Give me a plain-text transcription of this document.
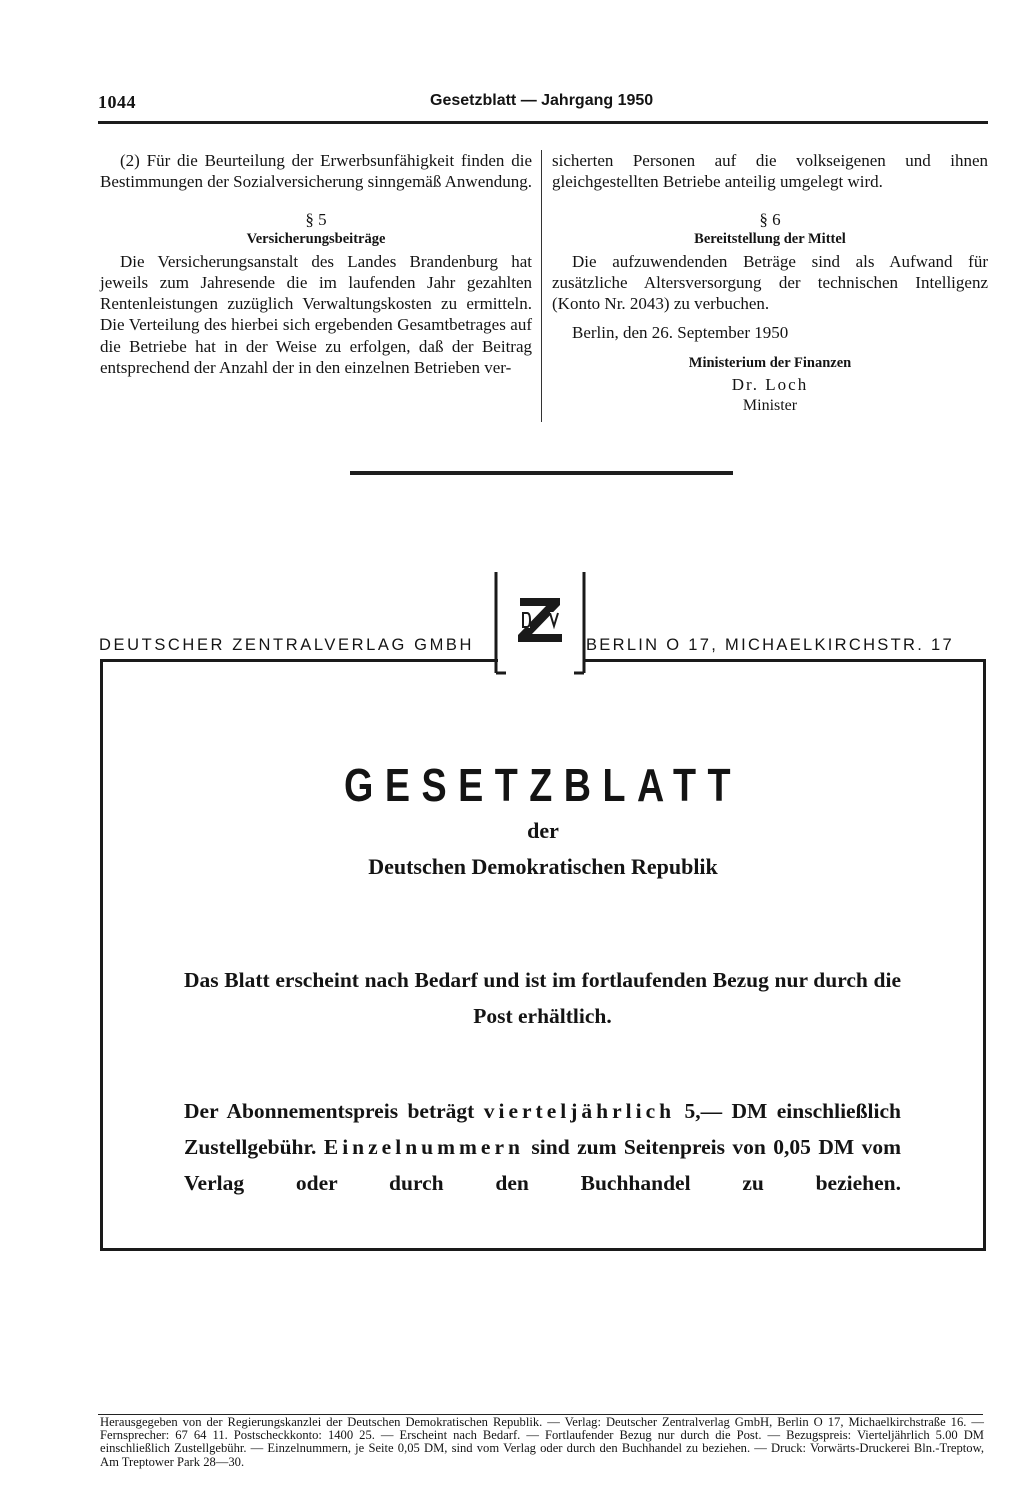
1044	Gesetzblatt — Jahrgang 1950

(2) Für die Beurteilung der Erwerbsunfähigkeit finden die Bestimmungen der Sozialversicherung sinngemäß Anwendung.

§ 5

Versicherungsbeiträge

Die Versicherungsanstalt des Landes Brandenburg hat jeweils zum Jahresende die im laufenden Jahr gezahlten Rentenleistungen zuzüglich Verwaltungskosten zu ermitteln. Die Verteilung des hierbei sich ergebenden Gesamtbetrages auf die Betriebe hat in der Weise zu erfolgen, daß der Beitrag entsprechend der Anzahl der in den einzelnen Betrieben ver-

sicherten Personen auf die volkseigenen und ihnen gleichgestellten Betriebe anteilig umgelegt wird.

§ 6

Bereitstellung der Mittel

Die aufzuwendenden Beträge sind als Aufwand für zusätzliche Altersversorgung der technischen Intelligenz (Konto Nr. 2043) zu verbuchen.

Berlin, den 26. September 1950

Ministerium der Finanzen
Dr. Loch
Minister
DEUTSCHER ZENTRALVERLAG GMBH	BERLIN O 17, MICHAELKIRCHSTR. 17
GESETZBLATT
der
Deutschen Demokratischen Republik
Das Blatt erscheint nach Bedarf und ist im fortlaufenden Bezug nur durch die Post erhältlich.
Der Abonnementspreis beträgt vierteljährlich 5,— DM einschließlich Zustellgebühr. Einzelnummern sind zum Seitenpreis von 0,05 DM vom Verlag oder durch den Buchhandel zu beziehen.
Herausgegeben von der Regierungskanzlei der Deutschen Demokratischen Republik. — Verlag: Deutscher Zentralverlag GmbH, Berlin O 17, Michaelkirchstraße 16. — Fernsprecher: 67 64 11. Postscheckkonto: 1400 25. — Erscheint nach Bedarf. — Fortlaufender Bezug nur durch die Post. — Bezugspreis: Vierteljährlich 5.00 DM einschließlich Zustellgebühr. — Einzelnummern, je Seite 0,05 DM, sind vom Verlag oder durch den Buchhandel zu beziehen. — Druck: Vorwärts-Druckerei Bln.-Treptow, Am Treptower Park 28—30.
